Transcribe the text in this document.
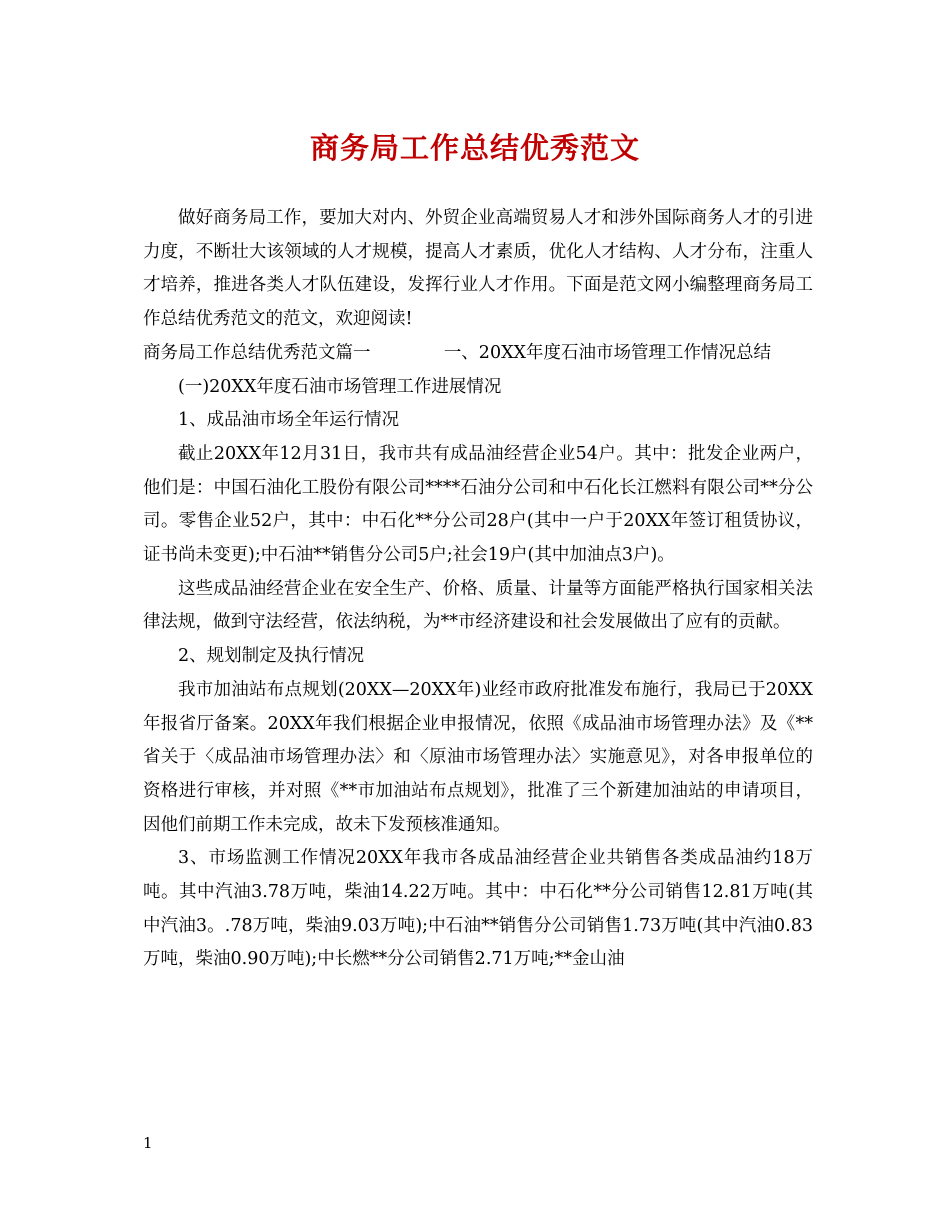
商务局工作总结优秀范文

做好商务局工作，要加大对内、外贸企业高端贸易人才和涉外国际商务人才的引进力度，不断壮大该领域的人才规模，提高人才素质，优化人才结构、人才分布，注重人才培养，推进各类人才队伍建设，发挥行业人才作用。下面是范文网小编整理商务局工作总结优秀范文的范文，欢迎阅读!

商务局工作总结优秀范文篇一	一、20XX年度石油市场管理工作情况总结

(一)20XX年度石油市场管理工作进展情况

1、成品油市场全年运行情况

截止20XX年12月31日，我市共有成品油经营企业54户。其中：批发企业两户，他们是：中国石油化工股份有限公司****石油分公司和中石化长江燃料有限公司**分公司。零售企业52户，其中：中石化**分公司28户(其中一户于20XX年签订租赁协议，证书尚未变更);中石油**销售分公司5户;社会19户(其中加油点3户)。

这些成品油经营企业在安全生产、价格、质量、计量等方面能严格执行国家相关法律法规，做到守法经营，依法纳税，为**市经济建设和社会发展做出了应有的贡献。

2、规划制定及执行情况

我市加油站布点规划(20XX—20XX年)业经市政府批准发布施行，我局已于20XX年报省厅备案。20XX年我们根据企业申报情况，依照《成品油市场管理办法》及《**省关于〈成品油市场管理办法〉和〈原油市场管理办法〉实施意见》，对各申报单位的资格进行审核，并对照《**市加油站布点规划》，批准了三个新建加油站的申请项目，因他们前期工作未完成，故未下发预核准通知。

3、市场监测工作情况20XX年我市各成品油经营企业共销售各类成品油约18万吨。其中汽油3.78万吨，柴油14.22万吨。其中：中石化**分公司销售12.81万吨(其中汽油3。.78万吨，柴油9.03万吨);中石油**销售分公司销售1.73万吨(其中汽油0.83万吨，柴油0.90万吨);中长燃**分公司销售2.71万吨;**金山油

1
